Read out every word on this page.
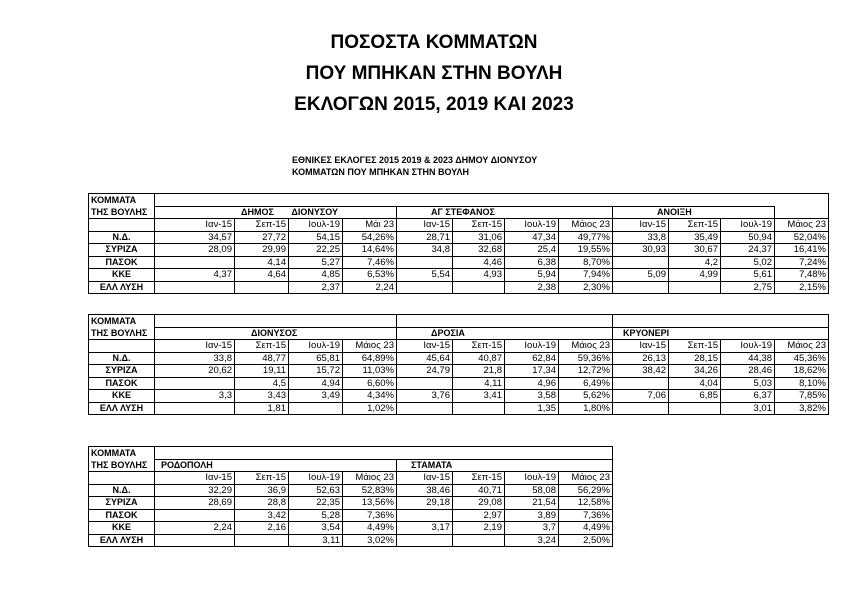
ΠΟΣΟΣΤΑ ΚΟΜΜΑΤΩΝ
ΠΟΥ ΜΠΗΚΑΝ ΣΤΗΝ ΒΟΥΛΗ
ΕΚΛΟΓΩΝ 2015, 2019 ΚΑΙ 2023
ΕΘΝΙΚΕΣ ΕΚΛΟΓΕΣ 2015 2019 & 2023 ΔΗΜΟΥ ΔΙΟΝΥΣΟΥ
ΚΟΜΜΑΤΩΝ ΠΟΥ ΜΠΗΚΑΝ ΣΤΗΝ ΒΟΥΛΗ
ΚΟΜΜΑΤΑ												
ΤΗΣ ΒΟΥΛΗΣ	ΔΗΜΟΣ ΔΙΟΝΥΣΟΥ				ΑΓ ΣΤΕΦΑΝΟΣ				ΑΝΟΙΞΗ			
	Ιαν-15	Σεπ-15	Ιουλ-19	Μάι 23	Ιαν-15	Σεπ-15	Ιουλ-19	Μάιος 23	Ιαν-15	Σεπ-15	Ιουλ-19	Μάιος 23
Ν.Δ.	34,57	27,72	54,15	54,26%	28,71	31,06	47,34	49,77%	33,8	35,49	50,94	52,04%
ΣΥΡΙΖΑ	28,09	29,99	22,25	14,64%	34,8	32,68	25,4	19,55%	30,93	30,67	24,37	16,41%
ΠΑΣΟΚ		4,14	5,27	7,46%		4,46	6,38	8,70%		4,2	5,02	7,24%
ΚΚΕ	4,37	4,64	4,85	6,53%	5,54	4,93	5,94	7,94%	5,09	4,99	5,61	7,48%
ΕΛΛ ΛΥΣΗ			2,37	2,24			2,38	2,30%			2,75	2,15%
ΚΟΜΜΑΤΑ												
ΤΗΣ ΒΟΥΛΗΣ	ΔΙΟΝΥΣΟΣ				ΔΡΟΣΙΑ				ΚΡΥΟΝΕΡΙ			
	Ιαν-15	Σεπ-15	Ιουλ-19	Μάιος 23	Ιαν-15	Σεπ-15	Ιουλ-19	Μάιος 23	Ιαν-15	Σεπ-15	Ιουλ-19	Μάιος 23
Ν.Δ.	33,8	48,77	65,81	64,89%	45,64	40,87	62,84	59,36%	26,13	28,15	44,38	45,36%
ΣΥΡΙΖΑ	20,62	19,11	15,72	11,03%	24,79	21,8	17,34	12,72%	38,42	34,26	28,46	18,62%
ΠΑΣΟΚ		4,5	4,94	6,60%		4,11	4,96	6,49%		4,04	5,03	8,10%
ΚΚΕ	3,3	3,43	3,49	4,34%	3,76	3,41	3,58	5,62%	7,06	6,85	6,37	7,85%
ΕΛΛ ΛΥΣΗ		1,81		1,02%			1,35	1,80%			3,01	3,82%
ΚΟΜΜΑΤΑ								
ΤΗΣ ΒΟΥΛΗΣ	ΡΟΔΟΠΟΛΗ				ΣΤΑΜΑΤΑ			
	Ιαν-15	Σεπ-15	Ιουλ-19	Μάιος 23	Ιαν-15	Σεπ-15	Ιουλ-19	Μάιος 23
Ν.Δ.	32,29	36,9	52,63	52,83%	38,46	40,71	58,08	56,29%
ΣΥΡΙΖΑ	28,69	28,8	22,35	13,56%	29,18	29,08	21,54	12,58%
ΠΑΣΟΚ		3,42	5,28	7,36%		2,97	3,89	7,36%
ΚΚΕ	2,24	2,16	3,54	4,49%	3,17	2,19	3,7	4,49%
ΕΛΛ ΛΥΣΗ			3,11	3,02%			3,24	2,50%
